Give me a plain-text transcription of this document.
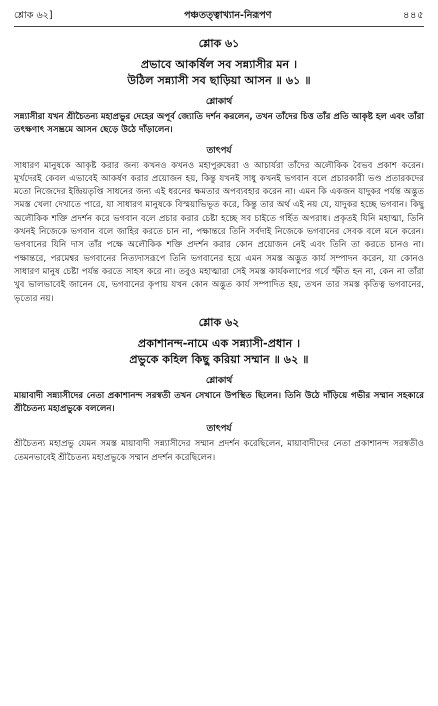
শ্লোক ৬২]	পঞ্চতত্ত্বাখ্যান-নিরূপণ	৪৪৫
শ্লোক ৬১
প্রভাবে আকর্ষিল সব সন্ন্যাসীর মন ।
উঠিল সন্ন্যাসী সব ছাড়িয়া আসন ॥ ৬১ ॥
শ্লোকার্থ

সন্ন্যাসীরা যখন শ্রীচৈতন্য মহাপ্রভুর দেহের অপূর্ব জ্যোতি দর্শন করলেন, তখন তাঁদের চিত্ত তাঁর প্রতি আকৃষ্ট হল এবং তাঁরা তৎক্ষণাৎ সসম্ভ্রমে আসন ছেড়ে উঠে দাঁড়ালেন।

তাৎপর্য

সাধারণ মানুষকে আকৃষ্ট করার জন্য কখনও কখনও মহাপুরুষেরা ও আচার্যরা তাঁদের অলৌকিক বৈভব প্রকাশ করেন। মূর্খদেরই কেবল এভাবেই আকর্ষণ করার প্রয়োজন হয়, কিন্তু যখনই সাধু কখনই ভগবান বলে প্রচারকারী ভণ্ড প্রতারকদের মতো নিজেদের ইন্দ্রিয়তৃপ্তি সাধনের জন্য এই ধরনের ক্ষমতার অপব্যবহার করেন না। এমন কি একজন যাদুকর পর্যন্ত অদ্ভুত সমস্ত খেলা দেখাতে পারে, যা সাধারণ মানুষকে বিস্ময়াভিভূত করে, কিন্তু তার অর্থ এই নয় যে, যাদুকর হচ্ছে ভগবান। কিছু অলৌকিক শক্তি প্রদর্শন করে ভগবান বলে প্রচার করার চেষ্টা হচ্ছে সব চাইতে গর্হিত অপরাধ। প্রকৃতই যিনি মহাত্মা, তিনি কখনই নিজেকে ভগবান বলে জাহির করতে চান না, পক্ষান্তরে তিনি সর্বদাই নিজেকে ভগবানের সেবক বলে মনে করেন। ভগবানের যিনি দাস তাঁর পক্ষে অলৌকিক শক্তি প্রদর্শন করার কোন প্রয়োজন নেই এবং তিনি তা করতে চানও না। পক্ষান্তরে, পরমেশ্বর ভগবানের নিত্যদাসরূপে তিনি ভগবানের হয়ে এমন সমস্ত অদ্ভুত কার্য সম্পাদন করেন, যা কোনও সাধারণ মানুষ চেষ্টা পর্যন্ত করতে সাহস করে না। তবুও মহাত্মারা সেই সমস্ত কার্যকলাপের গর্বে স্ফীত হন না, কেন না তাঁরা খুব ভালভাবেই জানেন যে, ভগবানের কৃপায় যখন কোন অদ্ভুত কার্য সম্পাদিত হয়, তখন তার সমস্ত কৃতিত্ব ভগবানের, ভৃত্যের নয়।

শ্লোক ৬২
প্রকাশানন্দ-নামে এক সন্ন্যাসী-প্রধান ।
প্রভুকে কহিল কিছু করিয়া সম্মান ॥ ৬২ ॥
শ্লোকার্থ

মায়াবাদী সন্ন্যাসীদের নেতা প্রকাশানন্দ সরস্বতী তখন সেখানে উপস্থিত ছিলেন। তিনি উঠে দাঁড়িয়ে গভীর সম্মান সহকারে শ্রীচৈতন্য মহাপ্রভুকে বললেন।

তাৎপর্য

শ্রীচৈতন্য মহাপ্রভু যেমন সমস্ত মায়াবাদী সন্ন্যাসীদের সম্মান প্রদর্শন করেছিলেন, মায়াবাদীদের নেতা প্রকাশানন্দ সরস্বতীও তেমনভাবেই শ্রীচৈতন্য মহাপ্রভুকে সম্মান প্রদর্শন করেছিলেন।
